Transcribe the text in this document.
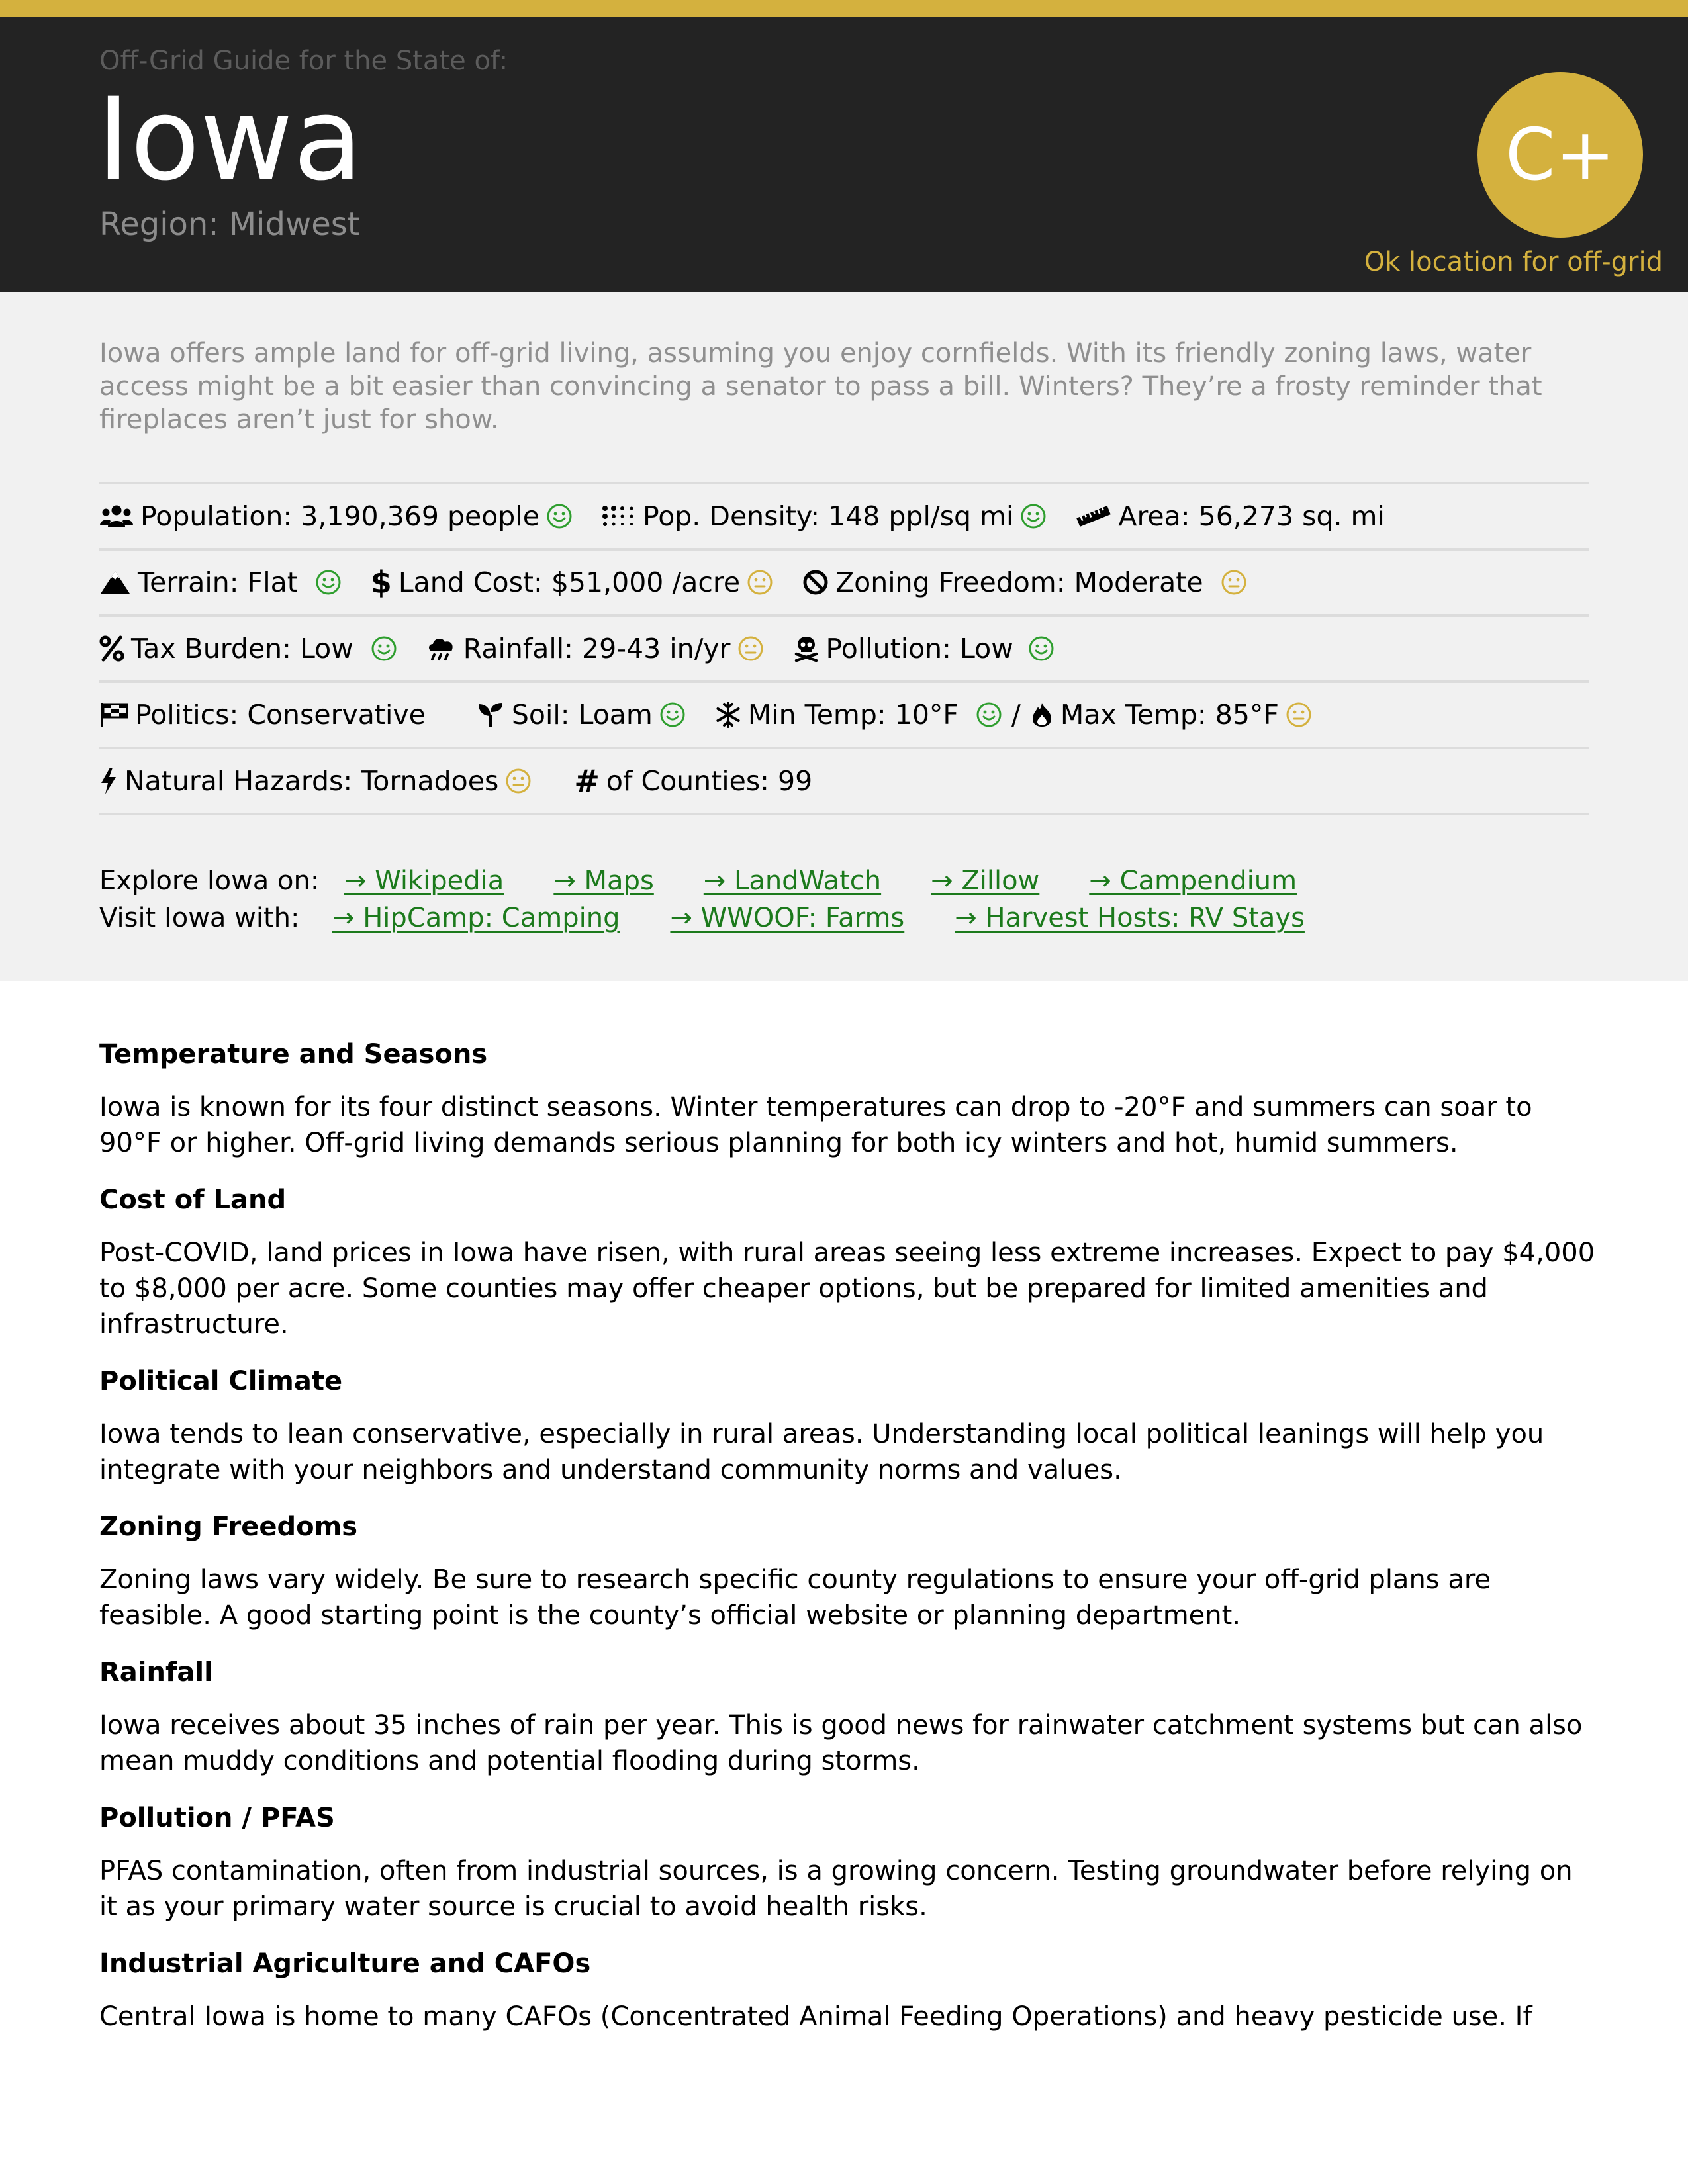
Off-Grid Guide for the State of:
Iowa
Region: Midwest
C+
Ok location for off-grid
Iowa offers ample land for off-grid living, assuming you enjoy cornfields. With its friendly zoning laws, water access might be a bit easier than convincing a senator to pass a bill. Winters? They’re a frosty reminder that fireplaces aren’t just for show.
Population: 3,190,369 people	Pop. Density: 148 ppl/sq mi	Area: 56,273 sq. mi
Terrain: Flat $ Land Cost: $51,000 /acre	Zoning Freedom: Moderate
Tax Burden: Low	Rainfall: 29-43 in/yr	Pollution: Low
Politics: Conservative	Soil: Loam	Min Temp: 10°F / Max Temp: 85°F
Natural Hazards: Tornadoes # of Counties: 99
Explore Iowa on: → Wikipedia → Maps → LandWatch → Zillow → Campendium
Visit Iowa with:	→ HipCamp: Camping → WWOOF: Farms → Harvest Hosts: RV Stays
Temperature and Seasons

Iowa is known for its four distinct seasons. Winter temperatures can drop to -20°F and summers can soar to 90°F or higher. Off-grid living demands serious planning for both icy winters and hot, humid summers.

Cost of Land

Post-COVID, land prices in Iowa have risen, with rural areas seeing less extreme increases. Expect to pay $4,000 to $8,000 per acre. Some counties may offer cheaper options, but be prepared for limited amenities and infrastructure.

Political Climate

Iowa tends to lean conservative, especially in rural areas. Understanding local political leanings will help you integrate with your neighbors and understand community norms and values.

Zoning Freedoms

Zoning laws vary widely. Be sure to research specific county regulations to ensure your off-grid plans are feasible. A good starting point is the county’s official website or planning department.

Rainfall

Iowa receives about 35 inches of rain per year. This is good news for rainwater catchment systems but can also mean muddy conditions and potential flooding during storms.

Pollution / PFAS

PFAS contamination, often from industrial sources, is a growing concern. Testing groundwater before relying on it as your primary water source is crucial to avoid health risks.

Industrial Agriculture and CAFOs

Central Iowa is home to many CAFOs (Concentrated Animal Feeding Operations) and heavy pesticide use. If
